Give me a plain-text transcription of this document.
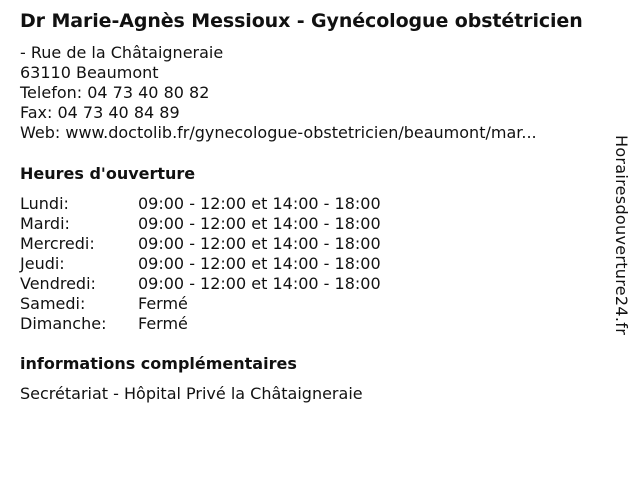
Dr Marie-Agnès Messioux - Gynécologue obstétricien
- Rue de la Châtaigneraie
63110 Beaumont
Telefon: 04 73 40 80 82
Fax: 04 73 40 84 89
Web: www.doctolib.fr/gynecologue-obstetricien/beaumont/mar...
Heures d'ouverture
Lundi:	09:00 - 12:00 et 14:00 - 18:00
Mardi:	09:00 - 12:00 et 14:00 - 18:00
Mercredi:	09:00 - 12:00 et 14:00 - 18:00
Jeudi:	09:00 - 12:00 et 14:00 - 18:00
Vendredi:	09:00 - 12:00 et 14:00 - 18:00
Samedi:	Fermé
Dimanche:	Fermé
informations complémentaires
Secrétariat - Hôpital Privé la Châtaigneraie
Horairesdouverture24.fr
